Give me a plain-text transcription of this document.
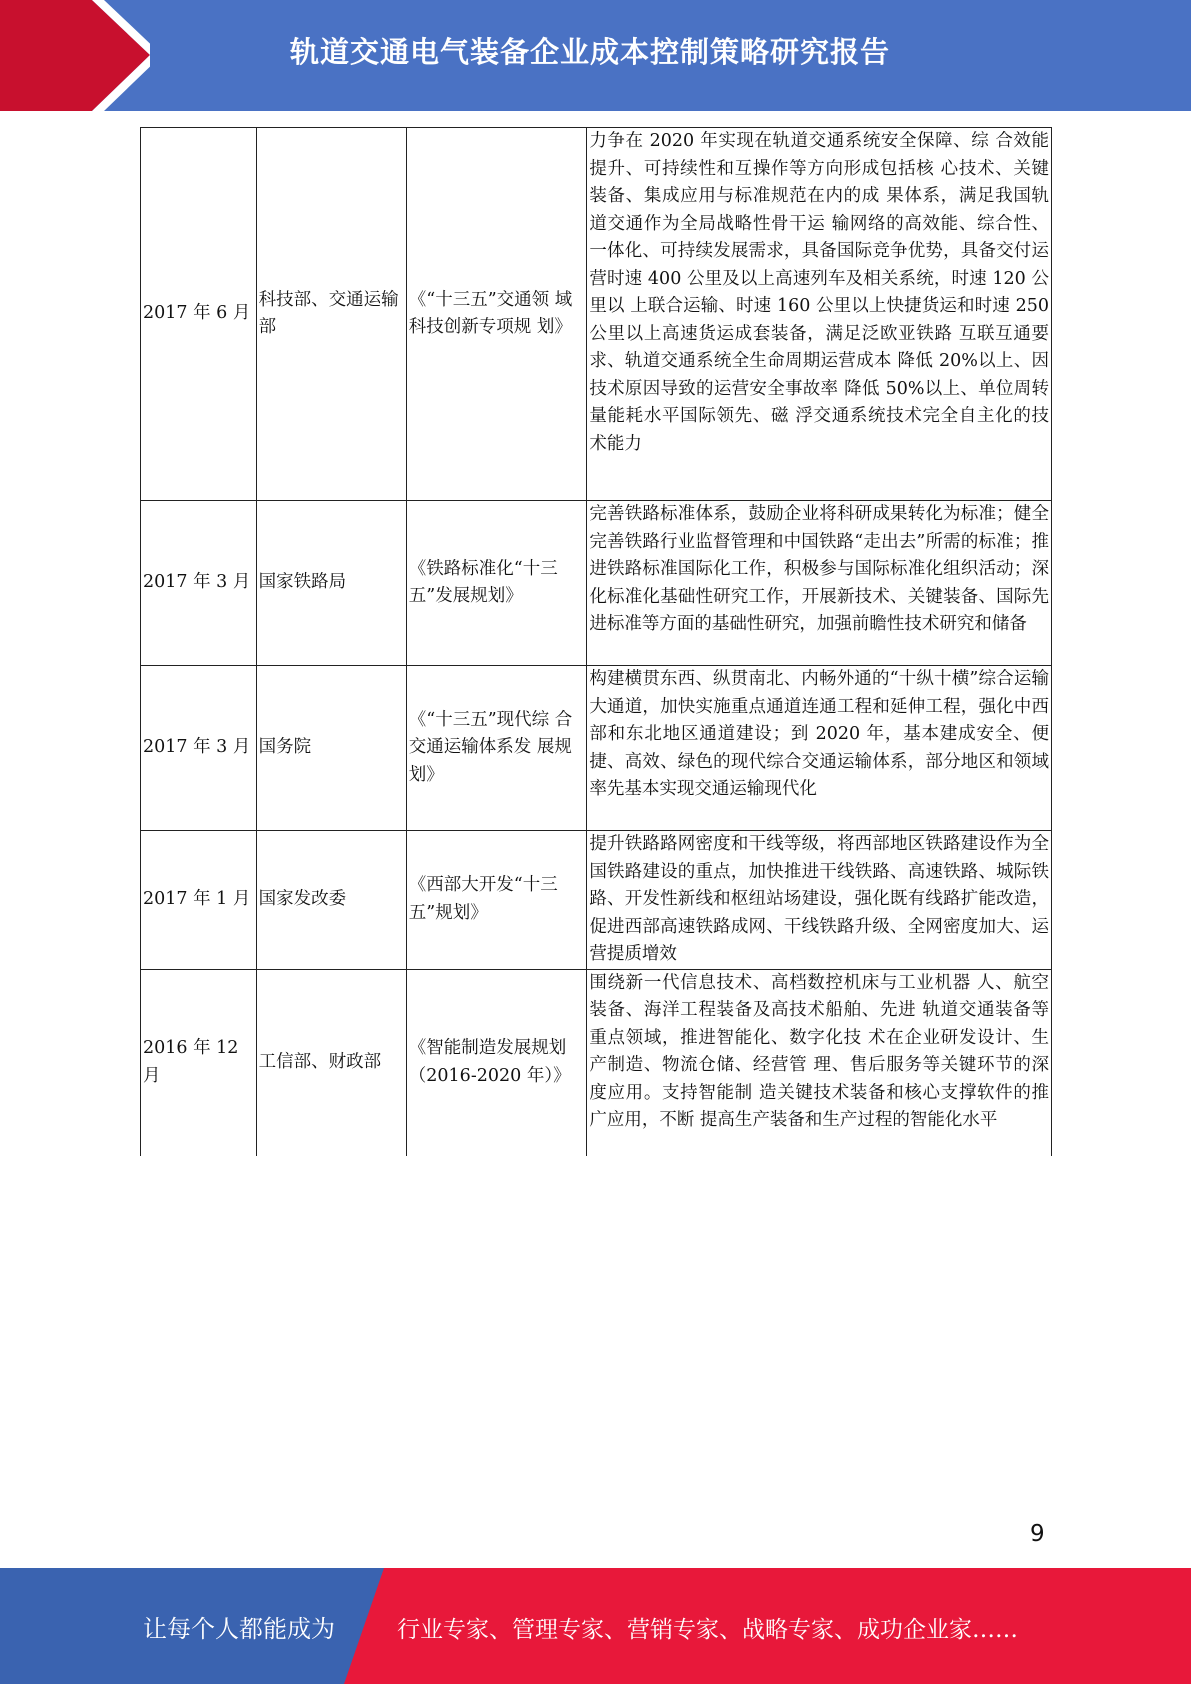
轨道交通电气装备企业成本控制策略研究报告
2017 年 6 月	科技部、交通运输部	《“十三五”交通领 域科技创新专项规 划》	力争在 2020 年实现在轨道交通系统安全保障、综 合效能提升、可持续性和互操作等方向形成包括核 心技术、关键装备、集成应用与标准规范在内的成 果体系，满足我国轨道交通作为全局战略性骨干运 输网络的高效能、综合性、一体化、可持续发展需求，具备国际竞争优势，具备交付运营时速 400 公里及以上高速列车及相关系统，时速 120 公里以 上联合运输、时速 160 公里以上快捷货运和时速 250 公里以上高速货运成套装备，满足泛欧亚铁路 互联互通要求、轨道交通系统全生命周期运营成本 降低 20%以上、因技术原因导致的运营安全事故率 降低 50%以上、单位周转量能耗水平国际领先、磁 浮交通系统技术完全自主化的技术能力
2017 年 3 月	国家铁路局	《铁路标准化“十三五”发展规划》	完善铁路标准体系，鼓励企业将科研成果转化为标准；健全完善铁路行业监督管理和中国铁路“走出去”所需的标准；推进铁路标准国际化工作，积极参与国际标准化组织活动；深化标准化基础性研究工作，开展新技术、关键装备、国际先进标准等方面的基础性研究，加强前瞻性技术研究和储备
2017 年 3 月	国务院	《“十三五”现代综 合交通运输体系发 展规划》	构建横贯东西、纵贯南北、内畅外通的“十纵十横”综合运输大通道，加快实施重点通道连通工程和延伸工程，强化中西部和东北地区通道建设；到 2020 年，基本建成安全、便捷、高效、绿色的现代综合交通运输体系，部分地区和领域率先基本实现交通运输现代化
2017 年 1 月	国家发改委	《西部大开发“十三五”规划》	提升铁路路网密度和干线等级，将西部地区铁路建设作为全国铁路建设的重点，加快推进干线铁路、高速铁路、城际铁路、开发性新线和枢纽站场建设，强化既有线路扩能改造，促进西部高速铁路成网、干线铁路升级、全网密度加大、运营提质增效
2016 年 12 月	工信部、财政部	《智能制造发展规划（2016-2020 年）》	围绕新一代信息技术、高档数控机床与工业机器 人、航空装备、海洋工程装备及高技术船舶、先进 轨道交通装备等重点领域，推进智能化、数字化技 术在企业研发设计、生产制造、物流仓储、经营管 理、售后服务等关键环节的深度应用。支持智能制 造关键技术装备和核心支撑软件的推广应用，不断 提高生产装备和生产过程的智能化水平
9
让每个人都能成为	行业专家、管理专家、营销专家、战略专家、成功企业家……
